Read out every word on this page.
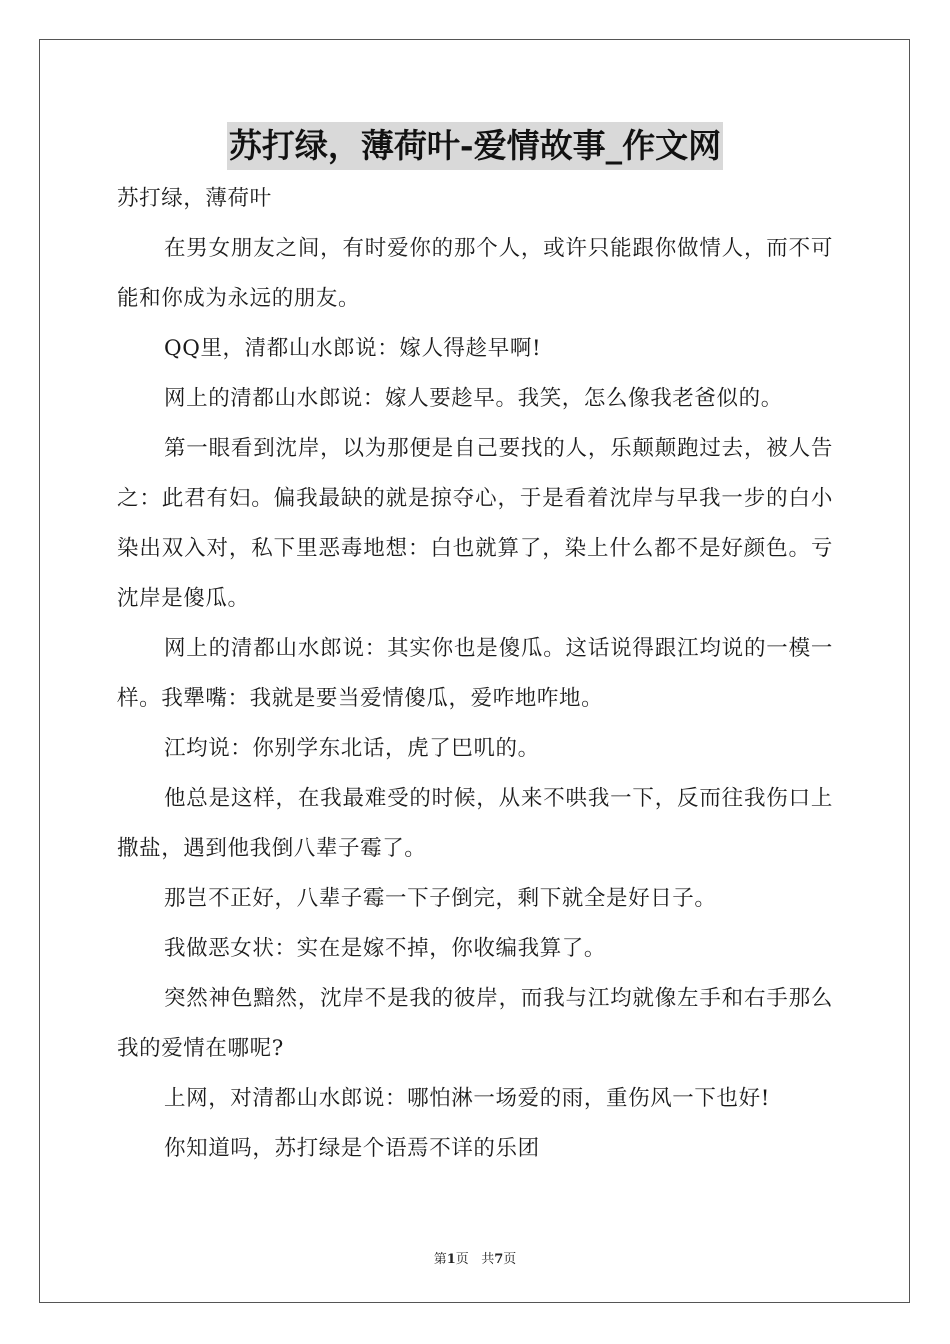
苏打绿，薄荷叶-爱情故事_作文网

苏打绿，薄荷叶

在男女朋友之间，有时爱你的那个人，或许只能跟你做情人，而不可能和你成为永远的朋友。

QQ里，清都山水郎说：嫁人得趁早啊!

网上的清都山水郎说：嫁人要趁早。我笑，怎么像我老爸似的。

第一眼看到沈岸，以为那便是自己要找的人，乐颠颠跑过去，被人告之：此君有妇。偏我最缺的就是掠夺心，于是看着沈岸与早我一步的白小染出双入对，私下里恶毒地想：白也就算了，染上什么都不是好颜色。亏沈岸是傻瓜。

网上的清都山水郎说：其实你也是傻瓜。这话说得跟江均说的一模一样。我犟嘴：我就是要当爱情傻瓜，爱咋地咋地。

江均说：你别学东北话，虎了巴叽的。

他总是这样，在我最难受的时候，从来不哄我一下，反而往我伤口上撒盐，遇到他我倒八辈子霉了。

那岂不正好，八辈子霉一下子倒完，剩下就全是好日子。

我做恶女状：实在是嫁不掉，你收编我算了。

突然神色黯然，沈岸不是我的彼岸，而我与江均就像左手和右手那么我的爱情在哪呢?

上网，对清都山水郎说：哪怕淋一场爱的雨，重伤风一下也好!

你知道吗，苏打绿是个语焉不详的乐团

第1页 共7页
